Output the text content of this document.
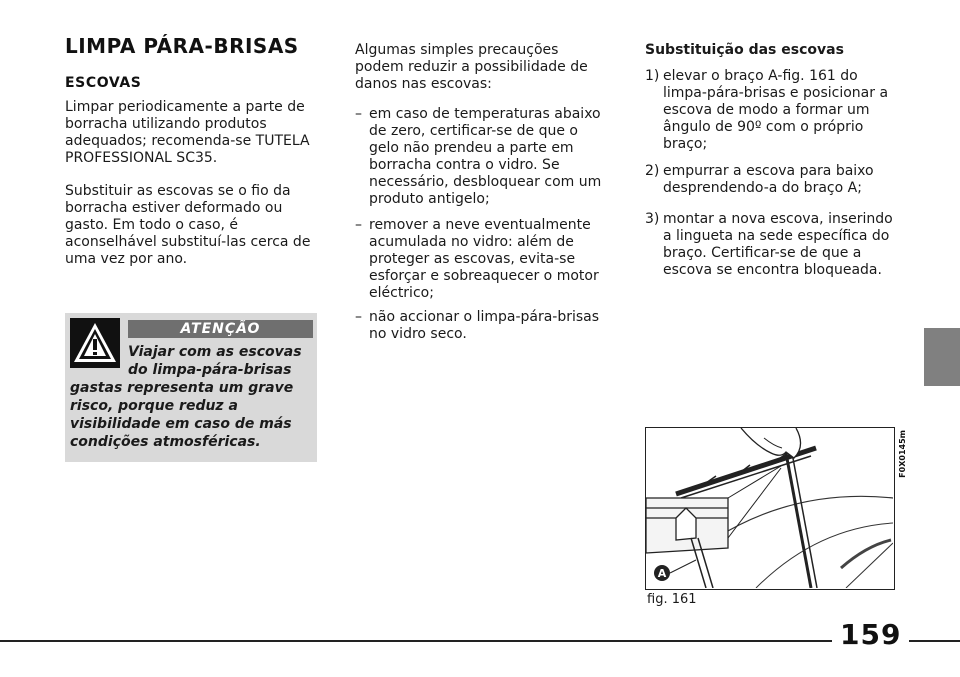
LIMPA PÁRA-BRISAS
ESCOVAS
Limpar periodicamente a parte de borracha utilizando produtos adequados; recomenda-se TUTELA PROFESSIONAL SC35.
Substituir as escovas se o fio da borracha estiver deformado ou gasto. Em todo o caso, é aconselhável substituí-las cerca de uma vez por ano.
ATENÇÃO
Viajar com as escovas do limpa-pára-brisas gastas representa um grave risco, porque reduz a visibilidade em caso de más condições atmosféricas.
Algumas simples precauções podem reduzir a possibilidade de danos nas escovas:
– em caso de temperaturas abaixo de zero, certificar-se de que o gelo não prendeu a parte em borracha contra o vidro. Se necessário, desbloquear com um produto antigelo;
– remover a neve eventualmente acumulada no vidro: além de proteger as escovas, evita-se esforçar e sobreaquecer o motor eléctrico;
– não accionar o limpa-pára-brisas no vidro seco.
Substituição das escovas
1) elevar o braço A-fig. 161 do limpa-pára-brisas e posicionar a escova de modo a formar um ângulo de 90º com o próprio braço;
2) empurrar a escova para baixo desprendendo-a do braço A;
3) montar a nova escova, inserindo a lingueta na sede específica do braço. Certificar-se de que a escova se encontra bloqueada.
A
F0X0145m
fig. 161
159
